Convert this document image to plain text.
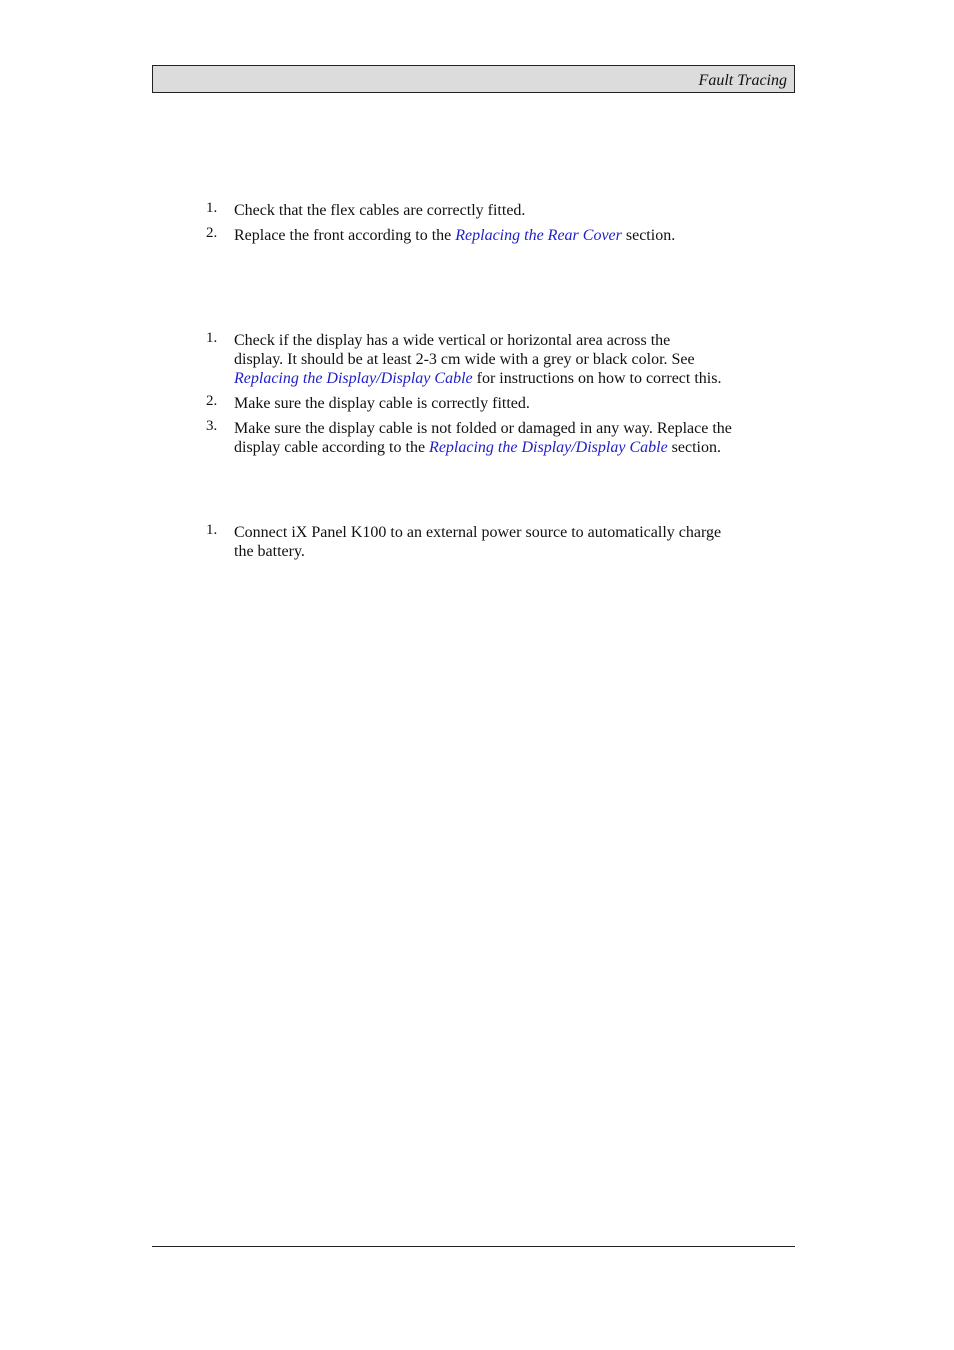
Fault Tracing
1. Check that the flex cables are correctly fitted.
2. Replace the front according to the Replacing the Rear Cover section.
1. Check if the display has a wide vertical or horizontal area across the
display. It should be at least 2-3 cm wide with a grey or black color. See
Replacing the Display/Display Cable for instructions on how to correct this.
2. Make sure the display cable is correctly fitted.
3. Make sure the display cable is not folded or damaged in any way. Replace the
display cable according to the Replacing the Display/Display Cable section.
1. Connect iX Panel K100 to an external power source to automatically charge
the battery.
